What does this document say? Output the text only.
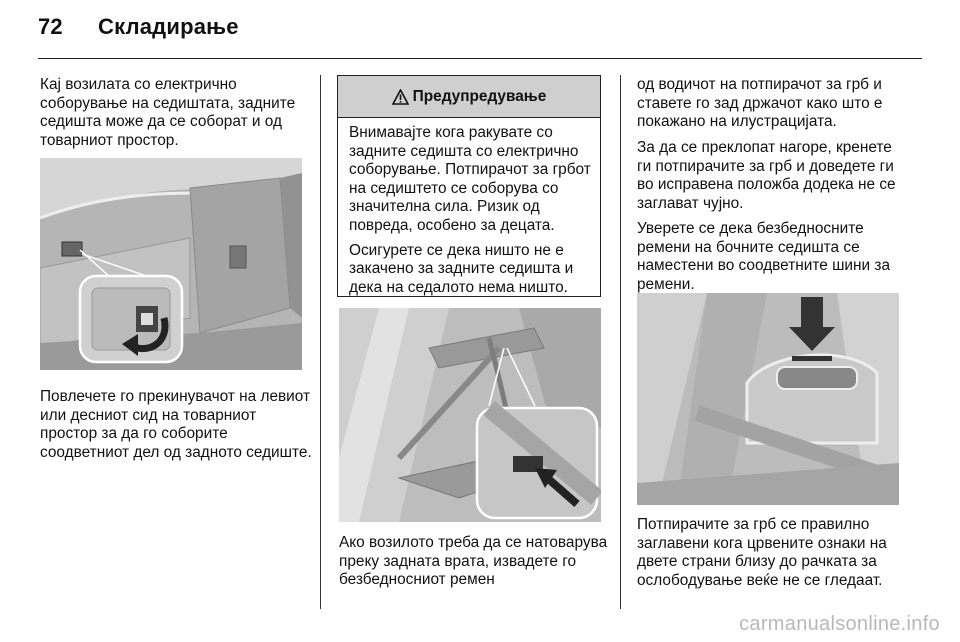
72 Складирање

Кај возилата со електрично соборување на седиштата, задните седишта може да се соборат и од товарниот простор.

Повлечете го прекинувачот на левиот или десниот сид на товарниот простор за да го соборите соодветниот дел од задното седиште.

Предупредување

Внимавајте кога ракувате со задните седишта со електрично соборување. Потпирачот за грбот на седиштето се соборува со значителна сила. Ризик од повреда, особено за децата.

Осигурете се дека ништо не е закачено за задните седишта и дека на седалото нема ништо.

Ако возилото треба да се натоварува преку задната врата, извадете го безбедносниот ремен

од водичот на потпирачот за грб и ставете го зад држачот како што е покажано на илустрацијата.

За да се преклопат нагоре, кренете ги потпирачите за грб и доведете ги во исправена положба додека не се заглават чујно.

Уверете се дека безбедносните ремени на бочните седишта се наместени во соодветните шини за ремени.

Потпирачите за грб се правилно заглавени кога црвените ознаки на двете страни близу до рачката за ослободување веќе не се гледаат.

carmanualsonline.info
